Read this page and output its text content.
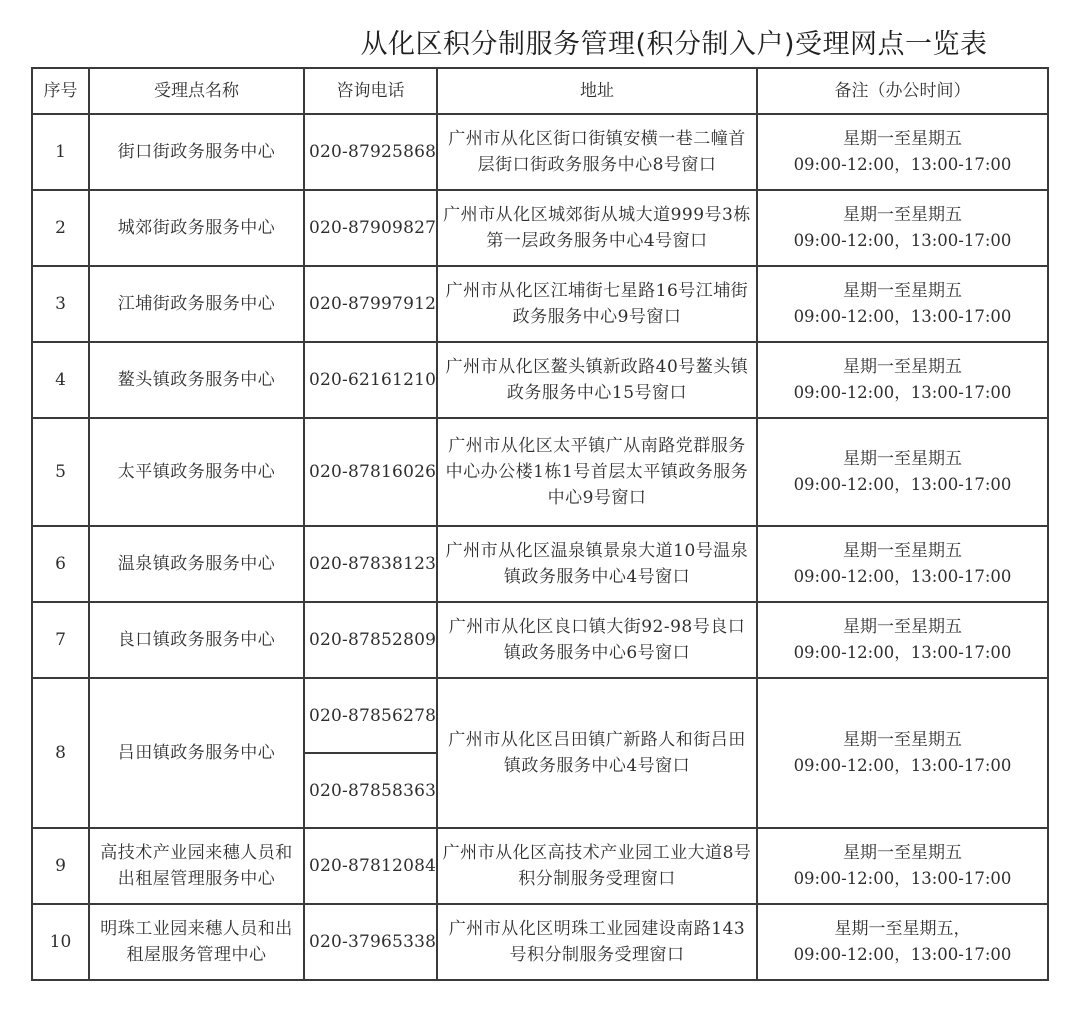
从化区积分制服务管理(积分制入户)受理网点一览表
序号	受理点名称	咨询电话	地址	备注（办公时间）
1	街口街政务服务中心	020-87925868	广州市从化区街口街镇安横一巷二幢首层街口街政务服务中心8号窗口	星期一至星期五
09:00-12:00，13:00-17:00

2	城郊街政务服务中心	020-87909827	广州市从化区城郊街从城大道999号3栋第一层政务服务中心4号窗口	星期一至星期五
09:00-12:00，13:00-17:00

3	江埔街政务服务中心	020-87997912	广州市从化区江埔街七星路16号江埔街政务服务中心9号窗口	星期一至星期五
09:00-12:00，13:00-17:00

4	鳌头镇政务服务中心	020-62161210	广州市从化区鳌头镇新政路40号鳌头镇政务服务中心15号窗口	星期一至星期五
09:00-12:00，13:00-17:00

5	太平镇政务服务中心	020-87816026	广州市从化区太平镇广从南路党群服务中心办公楼1栋1号首层太平镇政务服务中心9号窗口	星期一至星期五
09:00-12:00，13:00-17:00

6	温泉镇政务服务中心	020-87838123	广州市从化区温泉镇景泉大道10号温泉镇政务服务中心4号窗口	星期一至星期五
09:00-12:00，13:00-17:00

7	良口镇政务服务中心	020-87852809	广州市从化区良口镇大街92-98号良口镇政务服务中心6号窗口	星期一至星期五
09:00-12:00，13:00-17:00

8	吕田镇政务服务中心	020-87856278	广州市从化区吕田镇广新路人和街吕田镇政务服务中心4号窗口	星期一至星期五
09:00-12:00，13:00-17:00

		020-87858363		
9	高技术产业园来穗人员和出租屋管理服务中心	020-87812084	广州市从化区高技术产业园工业大道8号积分制服务受理窗口	星期一至星期五
09:00-12:00，13:00-17:00

10	明珠工业园来穗人员和出租屋服务管理中心	020-37965338	广州市从化区明珠工业园建设南路143号积分制服务受理窗口	星期一至星期五，
09:00-12:00，13:00-17:00
